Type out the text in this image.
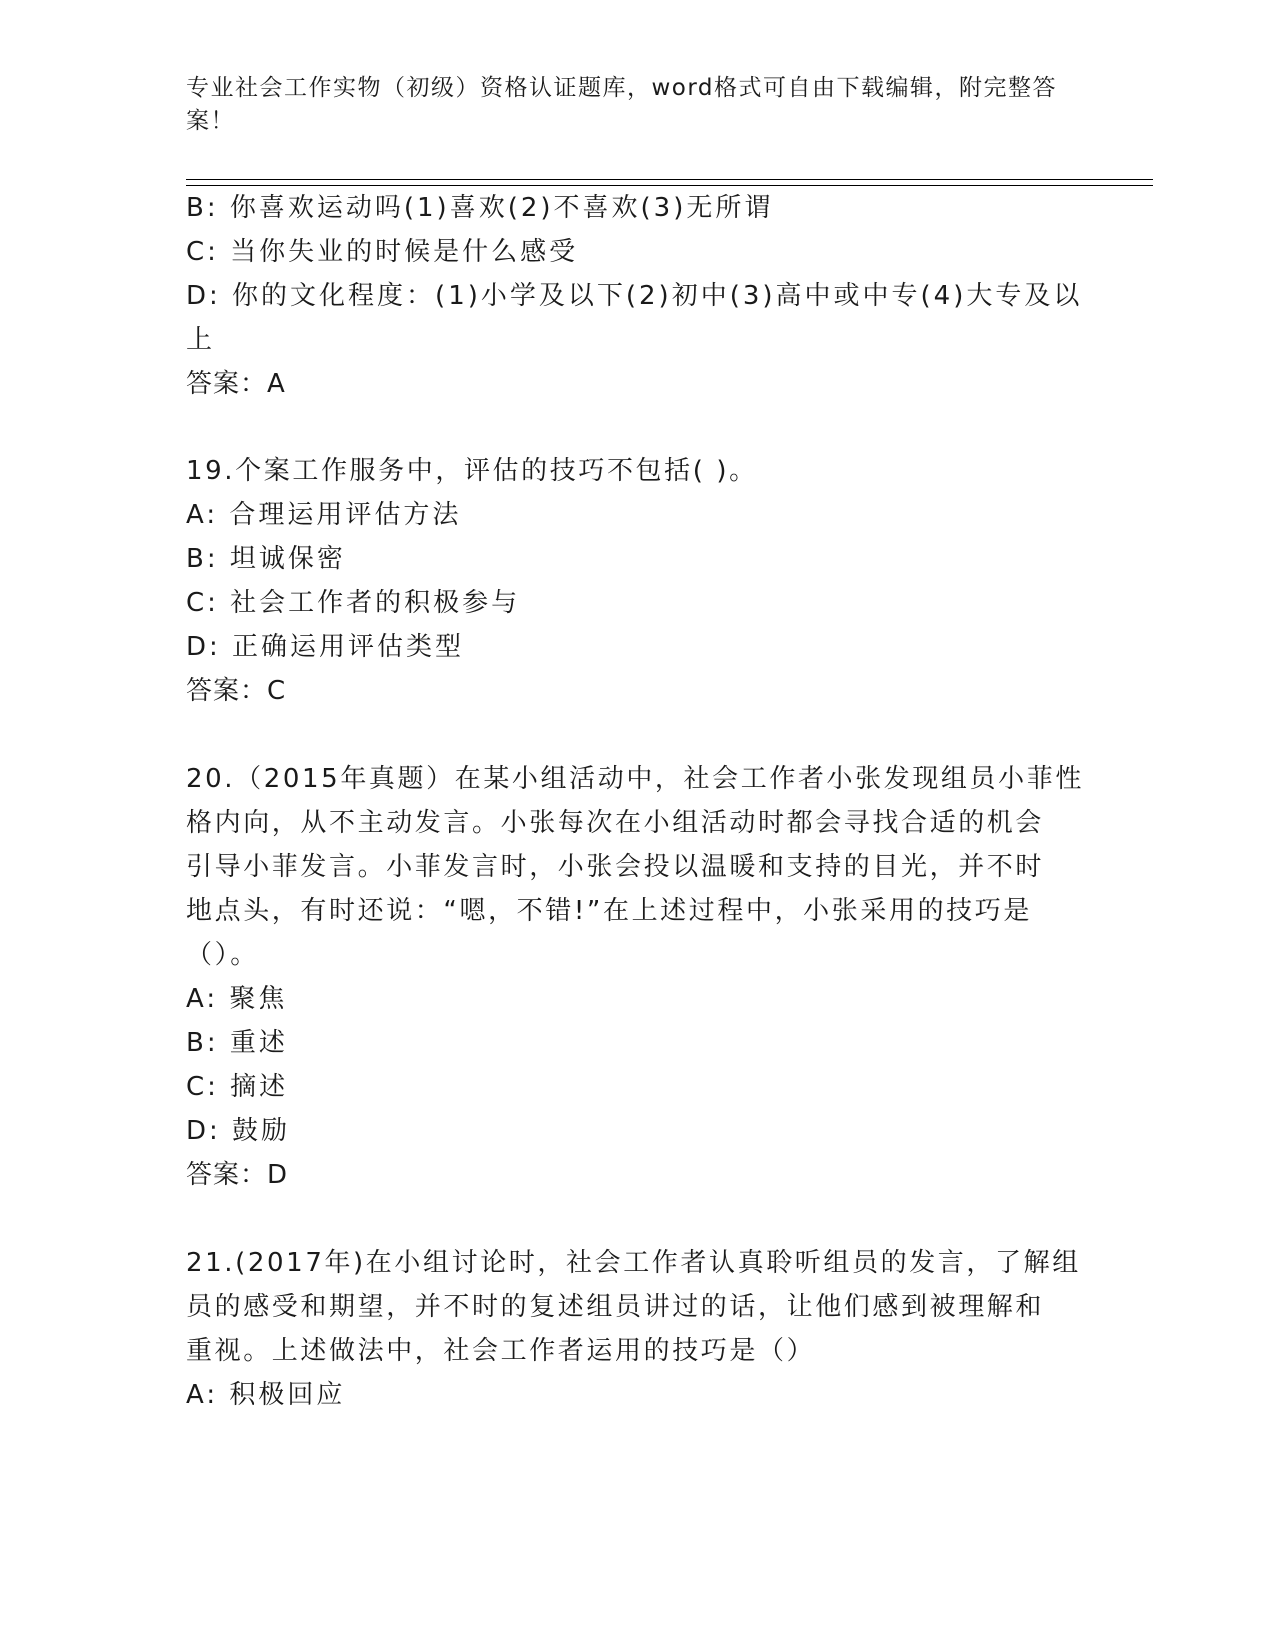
专业社会工作实物（初级）资格认证题库，word格式可自由下载编辑，附完整答案！
B: 你喜欢运动吗(1)喜欢(2)不喜欢(3)无所谓
C: 当你失业的时候是什么感受
D: 你的文化程度：(1)小学及以下(2)初中(3)高中或中专(4)大专及以
上
答案：A
19.个案工作服务中，评估的技巧不包括( )。
A: 合理运用评估方法
B: 坦诚保密
C: 社会工作者的积极参与
D: 正确运用评估类型
答案：C
20.（2015年真题）在某小组活动中，社会工作者小张发现组员小菲性
格内向，从不主动发言。小张每次在小组活动时都会寻找合适的机会
引导小菲发言。小菲发言时，小张会投以温暖和支持的目光，并不时
地点头，有时还说：“嗯，不错!”在上述过程中，小张采用的技巧是
（）。
A: 聚焦
B: 重述
C: 摘述
D: 鼓励
答案：D
21.(2017年)在小组讨论时，社会工作者认真聆听组员的发言，了解组
员的感受和期望，并不时的复述组员讲过的话，让他们感到被理解和
重视。上述做法中，社会工作者运用的技巧是（）
A: 积极回应
